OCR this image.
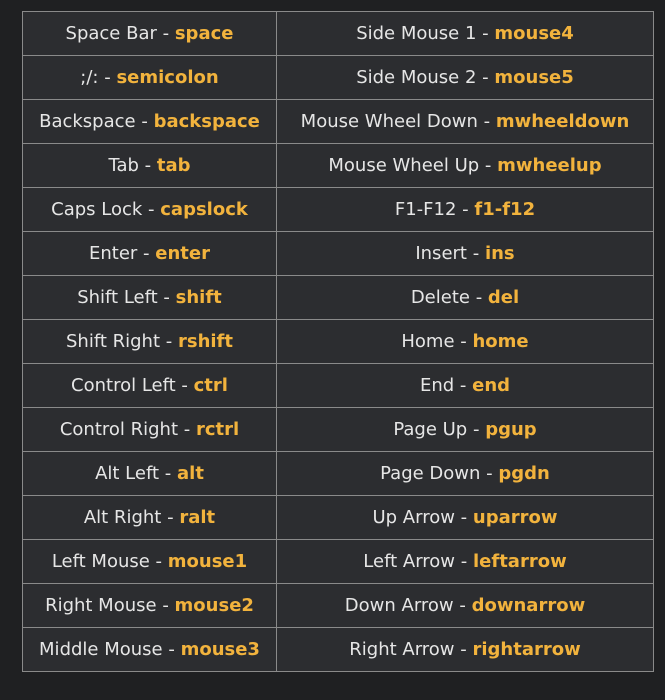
Space Bar - space	Side Mouse 1 - mouse4
;/: - semicolon	Side Mouse 2 - mouse5
Backspace - backspace	Mouse Wheel Down - mwheeldown
Tab - tab	Mouse Wheel Up - mwheelup
Caps Lock - capslock	F1-F12 - f1-f12
Enter - enter	Insert - ins
Shift Left - shift	Delete - del
Shift Right - rshift	Home - home
Control Left - ctrl	End - end
Control Right - rctrl	Page Up - pgup
Alt Left - alt	Page Down - pgdn
Alt Right - ralt	Up Arrow - uparrow
Left Mouse - mouse1	Left Arrow - leftarrow
Right Mouse - mouse2	Down Arrow - downarrow
Middle Mouse - mouse3	Right Arrow - rightarrow
